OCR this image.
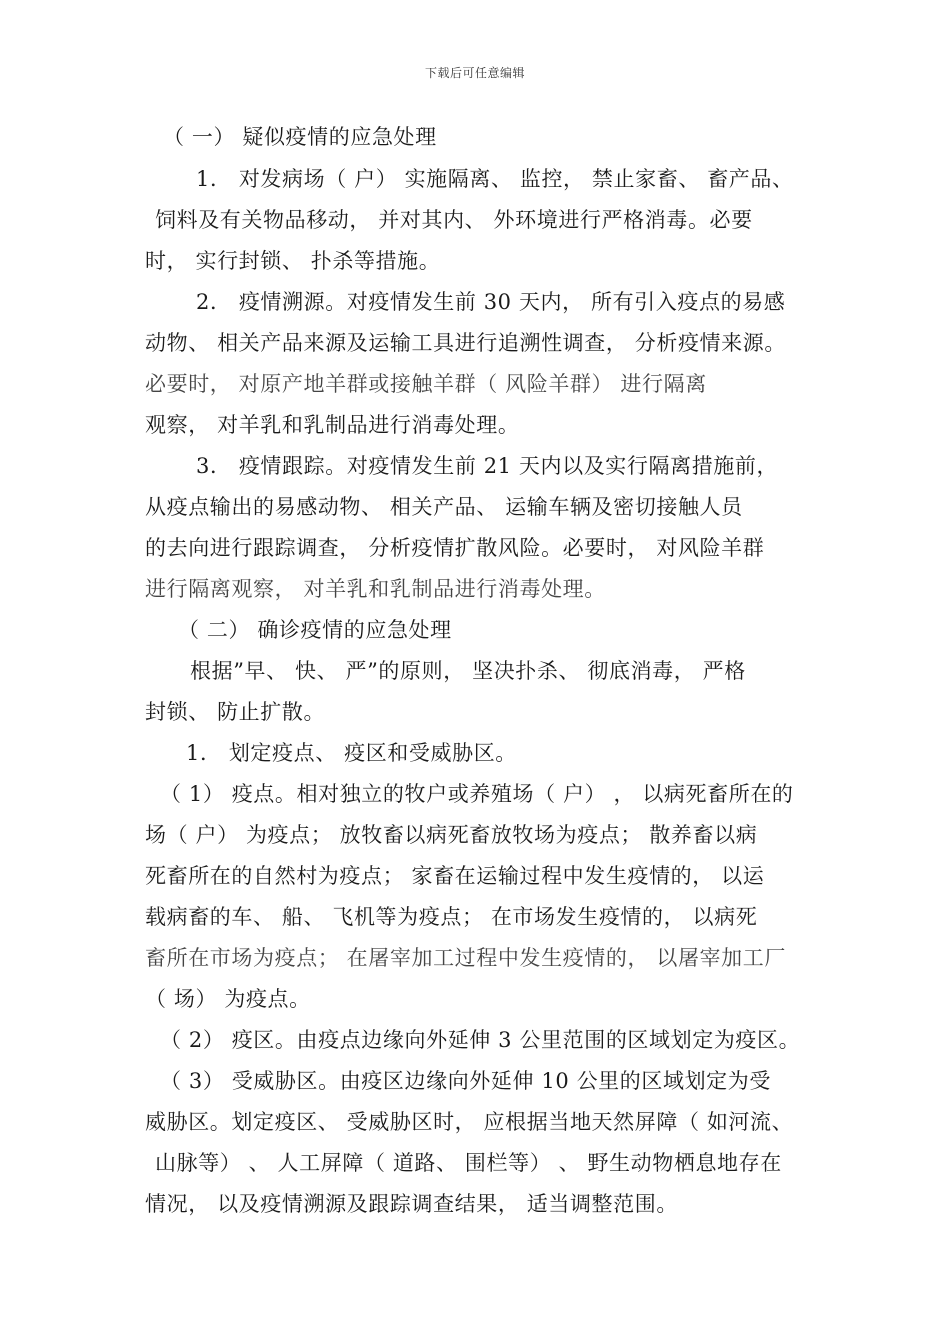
下载后可任意编辑
（ 一） 疑似疫情的应急处理
1． 对发病场（ 户） 实施隔离、 监控， 禁止家畜、 畜产品、
饲料及有关物品移动， 并对其内、 外环境进行严格消毒。必要
时， 实行封锁、 扑杀等措施。
2． 疫情溯源。对疫情发生前 30 天内， 所有引入疫点的易感
动物、 相关产品来源及运输工具进行追溯性调查， 分析疫情来源。
必要时， 对原产地羊群或接触羊群（ 风险羊群） 进行隔离
观察， 对羊乳和乳制品进行消毒处理。
3． 疫情跟踪。对疫情发生前 21 天内以及实行隔离措施前，
从疫点输出的易感动物、 相关产品、 运输车辆及密切接触人员
的去向进行跟踪调查， 分析疫情扩散风险。必要时， 对风险羊群
进行隔离观察， 对羊乳和乳制品进行消毒处理。
（ 二） 确诊疫情的应急处理
根据”早、 快、 严”的原则， 坚决扑杀、 彻底消毒， 严格
封锁、 防止扩散。
1． 划定疫点、 疫区和受威胁区。
（ 1） 疫点。相对独立的牧户或养殖场（ 户） ， 以病死畜所在的
场（ 户） 为疫点； 放牧畜以病死畜放牧场为疫点； 散养畜以病
死畜所在的自然村为疫点； 家畜在运输过程中发生疫情的， 以运
载病畜的车、 船、 飞机等为疫点； 在市场发生疫情的， 以病死
畜所在市场为疫点； 在屠宰加工过程中发生疫情的， 以屠宰加工厂
（ 场） 为疫点。
（ 2） 疫区。由疫点边缘向外延伸 3 公里范围的区域划定为疫区。
（ 3） 受威胁区。由疫区边缘向外延伸 10 公里的区域划定为受
威胁区。划定疫区、 受威胁区时， 应根据当地天然屏障（ 如河流、
山脉等） 、 人工屏障（ 道路、 围栏等） 、 野生动物栖息地存在
情况， 以及疫情溯源及跟踪调查结果， 适当调整范围。
